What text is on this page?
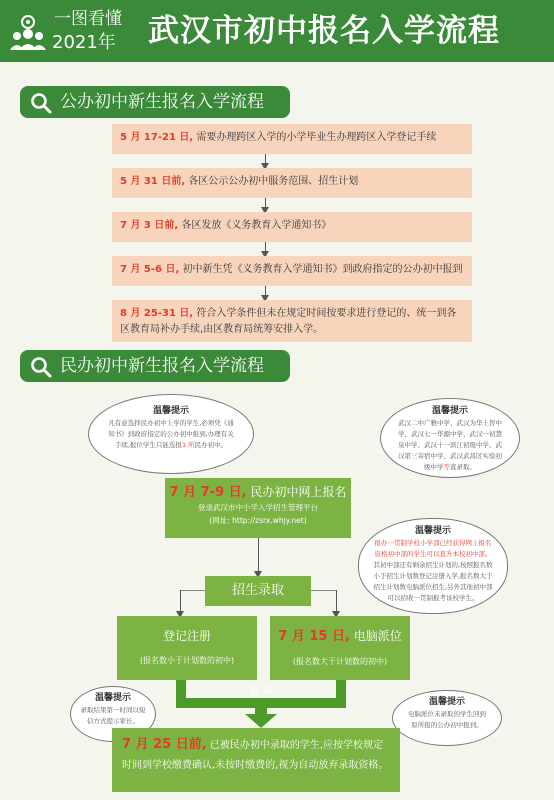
一图看懂
2021年 武汉市初中报名入学流程
公办初中新生报名入学流程
5 月 17-21 日, 需要办理跨区入学的小学毕业生办理跨区入学登记手续
5 月 31 日前, 各区公示公办初中服务范围、招生计划
7 月 3 日前, 各区发放《义务教育入学通知书》
7 月 5-6 日, 初中新生凭《义务教育入学通知书》到政府指定的公办初中报到
8 月 25-31 日, 符合入学条件但未在规定时间按要求进行登记的、统一到各区教育局补办手续,由区教育局统筹安排入学。
民办初中新生报名入学流程
温馨提示
凡有意选择民办初中上学的学生,必须凭《通知书》到政府指定的公办初中报到,办理有关手续,报位学生只能选报1 所民办初中。
温馨提示
武汉二中广雅中学、武汉为华上智中学、武汉七一华源中学、武汉一初慧泉中学、武汉十一滨江初级中学、武汉第三寄宿中学、武汉武昌区实验初级中学等直录取。
7 月 7-9 日, 民办初中网上报名
登录武汉市中小学入学招生管理平台
(网址: http://zsrx.whjy.net)
温馨提示
报办一贯制学校小学部已经获得网上报名资格初中部的学生可以直升本校初中部。其初中部还有剩余招生计划的,按照报名数小于招生计划数登记注册入学,报名数大于招生计划数电脑派位招生,另外其他初中部可以招收一贯制报考该校学生。
招生录取
登记注册
(报名数小于计划数的初中)
7 月 15 日, 电脑派位
(报名数大于计划数的初中)
录 取
温馨提示
录取结果第一时间以短信方式提示家长。
温馨提示
电脑派位未录取的学生回到原所报的公办初中报到。
7 月 25 日前, 已被民办初中录取的学生,应按学校规定
时间到学校缴费确认,未按时缴费的,视为自动放弃录取资格。
